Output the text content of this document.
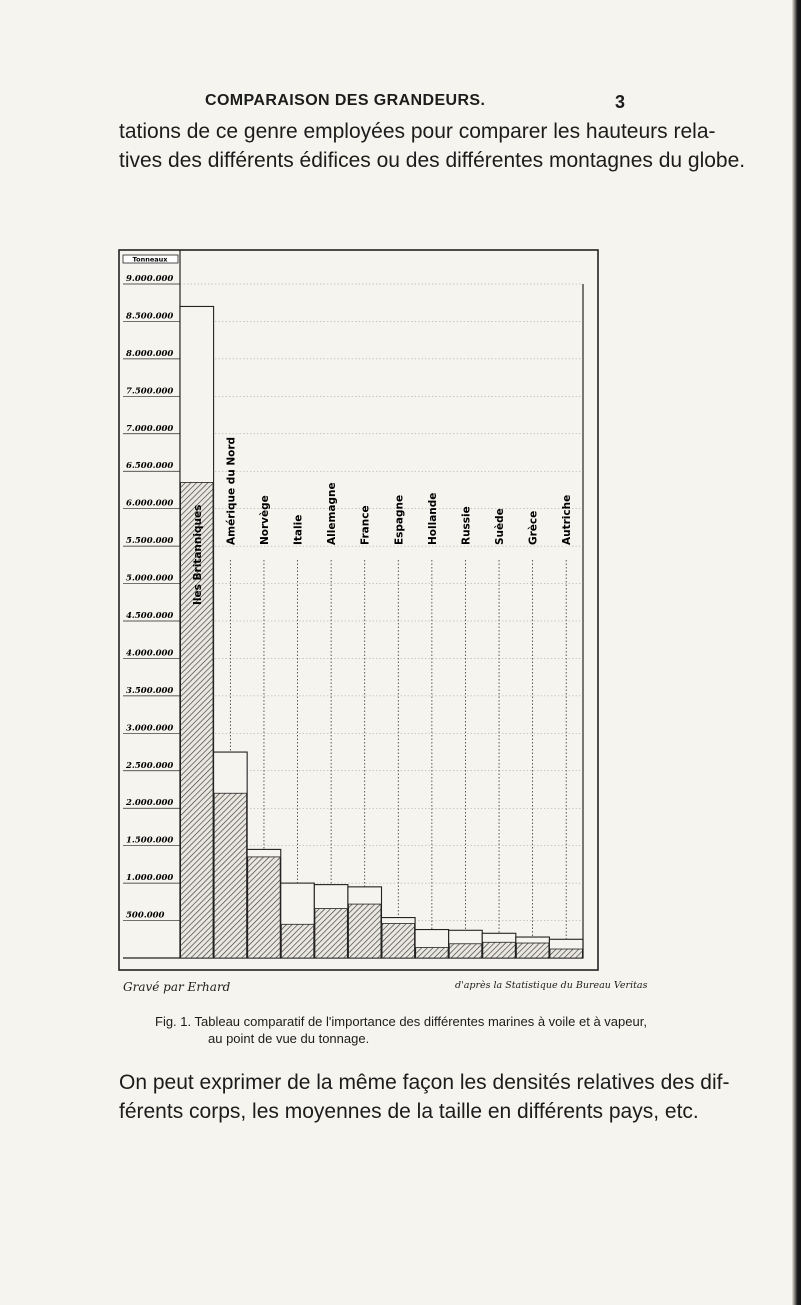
COMPARAISON DES GRANDEURS.	3
tations de ce genre employées pour comparer les hauteurs rela-
tives des différents édifices ou des différentes montagnes du globe.
Tonneaux
9.000.000
8.500.000
8.000.000
7.500.000
7.000.000
6.500.000
6.000.000
5.500.000
5.000.000
4.500.000
4.000.000
3.500.000
3.000.000
2.500.000
2.000.000
1.500.000
1.000.000
500.000
Iles Britanniques
Amérique du Nord Norvège Italie Allemagne France Espagne Hollande Russie Suède Grèce Autriche
Gravé par Erhard	d'après la Statistique du Bureau Veritas
Fig. 1. Tableau comparatif de l'importance des différentes marines à voile et à vapeur,
au point de vue du tonnage.
On peut exprimer de la même façon les densités relatives des dif-
férents corps, les moyennes de la taille en différents pays, etc.
